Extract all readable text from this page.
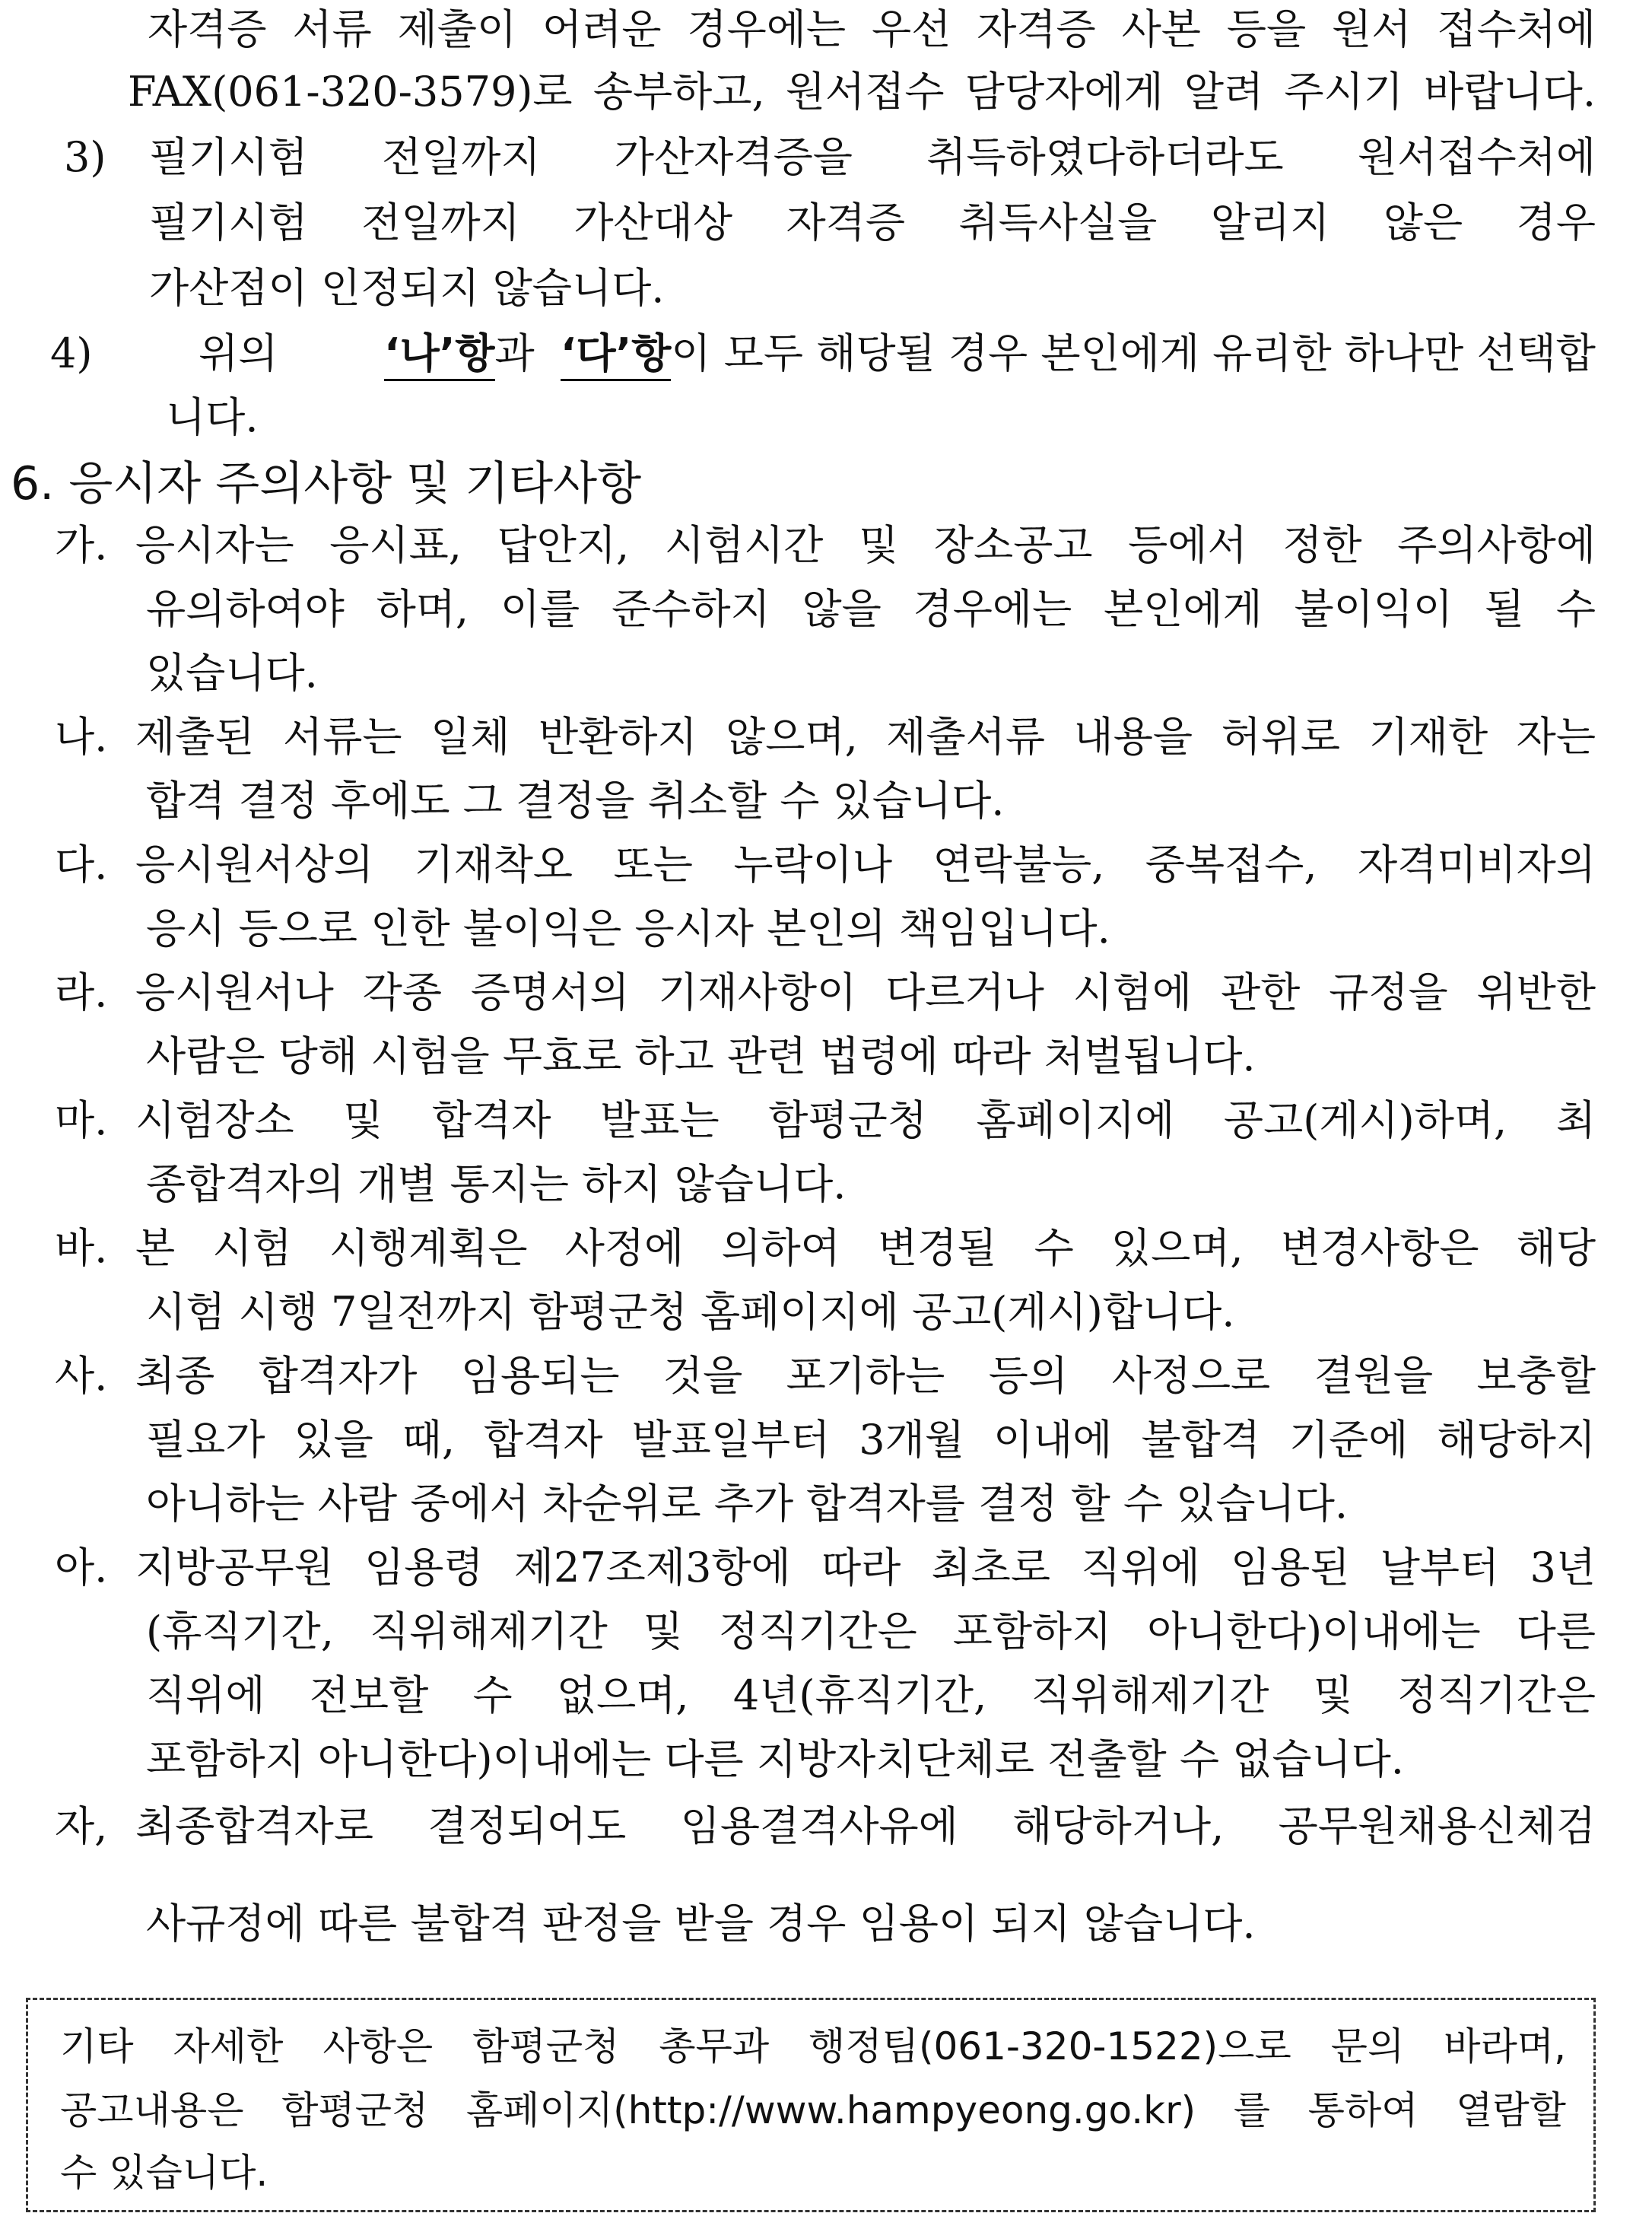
자격증 서류 제출이 어려운 경우에는 우선 자격증 사본 등을 원서 접수처에
FAX(061-320-3579)로 송부하고, 원서접수 담당자에게 알려 주시기 바랍니다.
3) 필기시험 전일까지 가산자격증을 취득하였다하더라도 원서접수처에
필기시험 전일까지 가산대상 자격증 취득사실을 알리지 않은 경우
가산점이 인정되지 않습니다.
4)	위의	‘나’항과 ‘다’항이 모두 해당될 경우 본인에게 유리한 하나만 선택합
니다.
6. 응시자 주의사항 및 기타사항
가. 응시자는 응시표, 답안지, 시험시간 및 장소공고 등에서 정한 주의사항에
유의하여야 하며, 이를 준수하지 않을 경우에는 본인에게 불이익이 될 수
있습니다.
나. 제출된 서류는 일체 반환하지 않으며, 제출서류 내용을 허위로 기재한 자는
합격 결정 후에도 그 결정을 취소할 수 있습니다.
다. 응시원서상의 기재착오 또는 누락이나 연락불능, 중복접수, 자격미비자의
응시 등으로 인한 불이익은 응시자 본인의 책임입니다.
라. 응시원서나 각종 증명서의 기재사항이 다르거나 시험에 관한 규정을 위반한
사람은 당해 시험을 무효로 하고 관련 법령에 따라 처벌됩니다.
마. 시험장소 및 합격자 발표는 함평군청 홈페이지에 공고(게시)하며, 최
종합격자의 개별 통지는 하지 않습니다.
바. 본 시험 시행계획은 사정에 의하여 변경될 수 있으며, 변경사항은 해당
시험 시행 7일전까지 함평군청 홈페이지에 공고(게시)합니다.
사. 최종 합격자가 임용되는 것을 포기하는 등의 사정으로 결원을 보충할
필요가 있을 때, 합격자 발표일부터 3개월 이내에 불합격 기준에 해당하지
아니하는 사람 중에서 차순위로 추가 합격자를 결정 할 수 있습니다.
아. 지방공무원 임용령 제27조제3항에 따라 최초로 직위에 임용된 날부터 3년
(휴직기간, 직위해제기간 및 정직기간은 포함하지 아니한다)이내에는 다른
직위에 전보할 수 없으며, 4년(휴직기간, 직위해제기간 및 정직기간은
포함하지 아니한다)이내에는 다른 지방자치단체로 전출할 수 없습니다.
자, 최종합격자로 결정되어도 임용결격사유에 해당하거나, 공무원채용신체검
사규정에 따른 불합격 판정을 받을 경우 임용이 되지 않습니다.
기타 자세한 사항은 함평군청 총무과 행정팀(061-320-1522)으로 문의 바라며,
공고내용은 함평군청 홈페이지(http://www.hampyeong.go.kr) 를 통하여 열람할
수 있습니다.
